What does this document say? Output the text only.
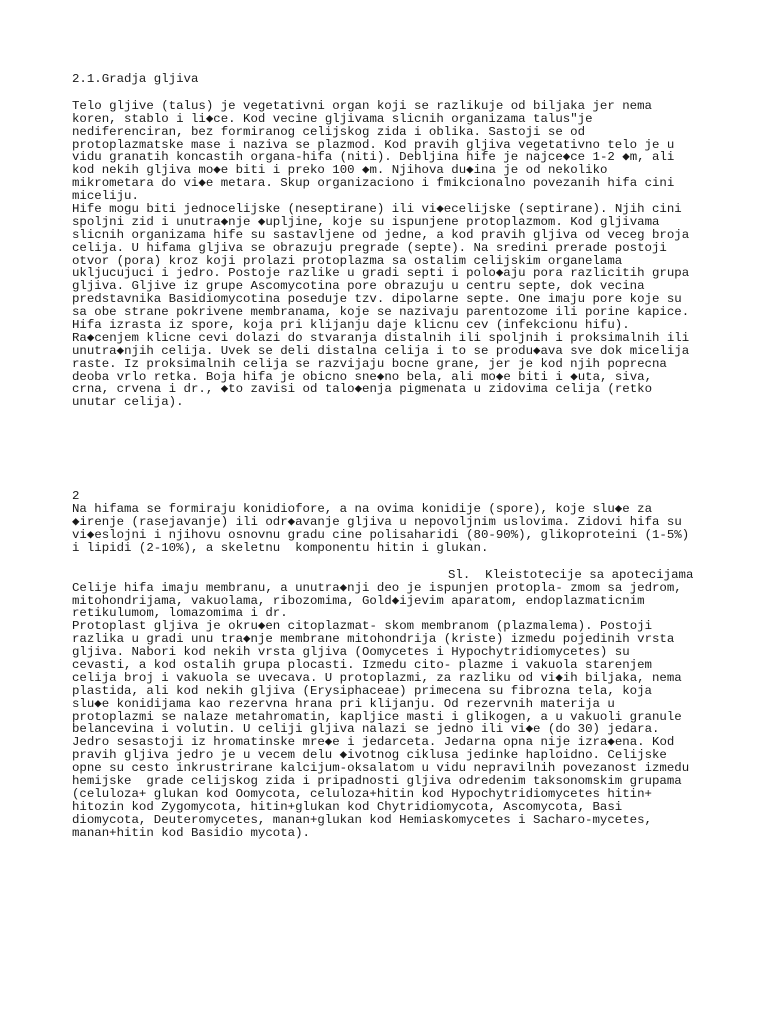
2.1.Gradja gljiva
Telo gljive (talus) je vegetativni organ koji se razlikuje od biljaka jer nema
koren, stablo i li◆ce. Kod vecine gljivama slicnih organizama talus"je
nediferenciran, bez formiranog celijskog zida i oblika. Sastoji se od
protoplazmatske mase i naziva se plazmod. Kod pravih gljiva vegetativno telo je u
vidu granatih koncastih organa-hifa (niti). Debljina hife je najce◆ce 1-2 ◆m, ali
kod nekih gljiva mo◆e biti i preko 100 ◆m. Njihova du◆ina je od nekoliko
mikrometara do vi◆e metara. Skup organizaciono i fmikcionalno povezanih hifa cini
miceliju.
Hife mogu biti jednocelijske (neseptirane) ili vi◆ecelijske (septirane). Njih cini
spoljni zid i unutra◆nje ◆upljine, koje su ispunjene protoplazmom. Kod gljivama
slicnih organizama hife su sastavljene od jedne, a kod pravih gljiva od veceg broja
celija. U hifama gljiva se obrazuju pregrade (septe). Na sredini prerade postoji
otvor (pora) kroz koji prolazi protoplazma sa ostalim celijskim organelama
ukljucujuci i jedro. Postoje razlike u gradi septi i polo◆aju pora razlicitih grupa
gljiva. Gljive iz grupe Ascomycotina pore obrazuju u centru septe, dok vecina
predstavnika Basidiomycotina poseduje tzv. dipolarne septe. One imaju pore koje su
sa obe strane pokrivene membranama, koje se nazivaju parentozome ili porine kapice.
Hifa izrasta iz spore, koja pri klijanju daje klicnu cev (infekcionu hifu).
Ra◆cenjem klicne cevi dolazi do stvaranja distalnih ili spoljnih i proksimalnih ili
unutra◆njih celija. Uvek se deli distalna celija i to se produ◆ava sve dok micelija
raste. Iz proksimalnih celija se razvijaju bocne grane, jer je kod njih poprecna
deoba vrlo retka. Boja hifa je obicno sne◆no bela, ali mo◆e biti i ◆uta, siva,
crna, crvena i dr., ◆to zavisi od talo◆enja pigmenata u zidovima celija (retko
unutar celija).
2
Na hifama se formiraju konidiofore, a na ovima konidije (spore), koje slu◆e za
◆irenje (rasejavanje) ili odr◆avanje gljiva u nepovoljnim uslovima. Zidovi hifa su
vi◆eslojni i njihovu osnovnu gradu cine polisaharidi (80-90%), glikoproteini (1-5%)
i lipidi (2-10%), a skeletnu  komponentu hitin i glukan.
Sl.  Kleistotecije sa apotecijama
Celije hifa imaju membranu, a unutra◆nji deo je ispunjen protopla- zmom sa jedrom,
mitohondrijama, vakuolama, ribozomima, Gold◆ijevim aparatom, endoplazmaticnim
retikulumom, lomazomima i dr.
Protoplast gljiva je okru◆en citoplazmat- skom membranom (plazmalema). Postoji
razlika u gradi unu tra◆nje membrane mitohondrija (kriste) izmedu pojedinih vrsta
gljiva. Nabori kod nekih vrsta gljiva (Oomycetes i Hypochytridiomycetes) su
cevasti, a kod ostalih grupa plocasti. Izmedu cito- plazme i vakuola starenjem
celija broj i vakuola se uvecava. U protoplazmi, za razliku od vi◆ih biljaka, nema
plastida, ali kod nekih gljiva (Erysiphaceae) primecena su fibrozna tela, koja
slu◆e konidijama kao rezervna hrana pri klijanju. Od rezervnih materija u
protoplazmi se nalaze metahromatin, kapljice masti i glikogen, a u vakuoli granule
belancevina i volutin. U celiji gljiva nalazi se jedno ili vi◆e (do 30) jedara.
Jedro sesastoji iz hromatinske mre◆e i jedarceta. Jedarna opna nije izra◆ena. Kod
pravih gljiva jedro je u vecem delu ◆ivotnog ciklusa jedinke haploidno. Celijske
opne su cesto inkrustrirane kalcijum-oksalatom u vidu nepravilnih povezanost izmedu
hemijske  grade celijskog zida i pripadnosti gljiva odredenim taksonomskim grupama
(celuloza+ glukan kod Oomycota, celuloza+hitin kod Hypochytridiomycetes hitin+
hitozin kod Zygomycota, hitin+glukan kod Chytridiomycota, Ascomycota, Basi
diomycota, Deuteromycetes, manan+glukan kod Hemiaskomycetes i Sacharo-mycetes,
manan+hitin kod Basidio mycota).
